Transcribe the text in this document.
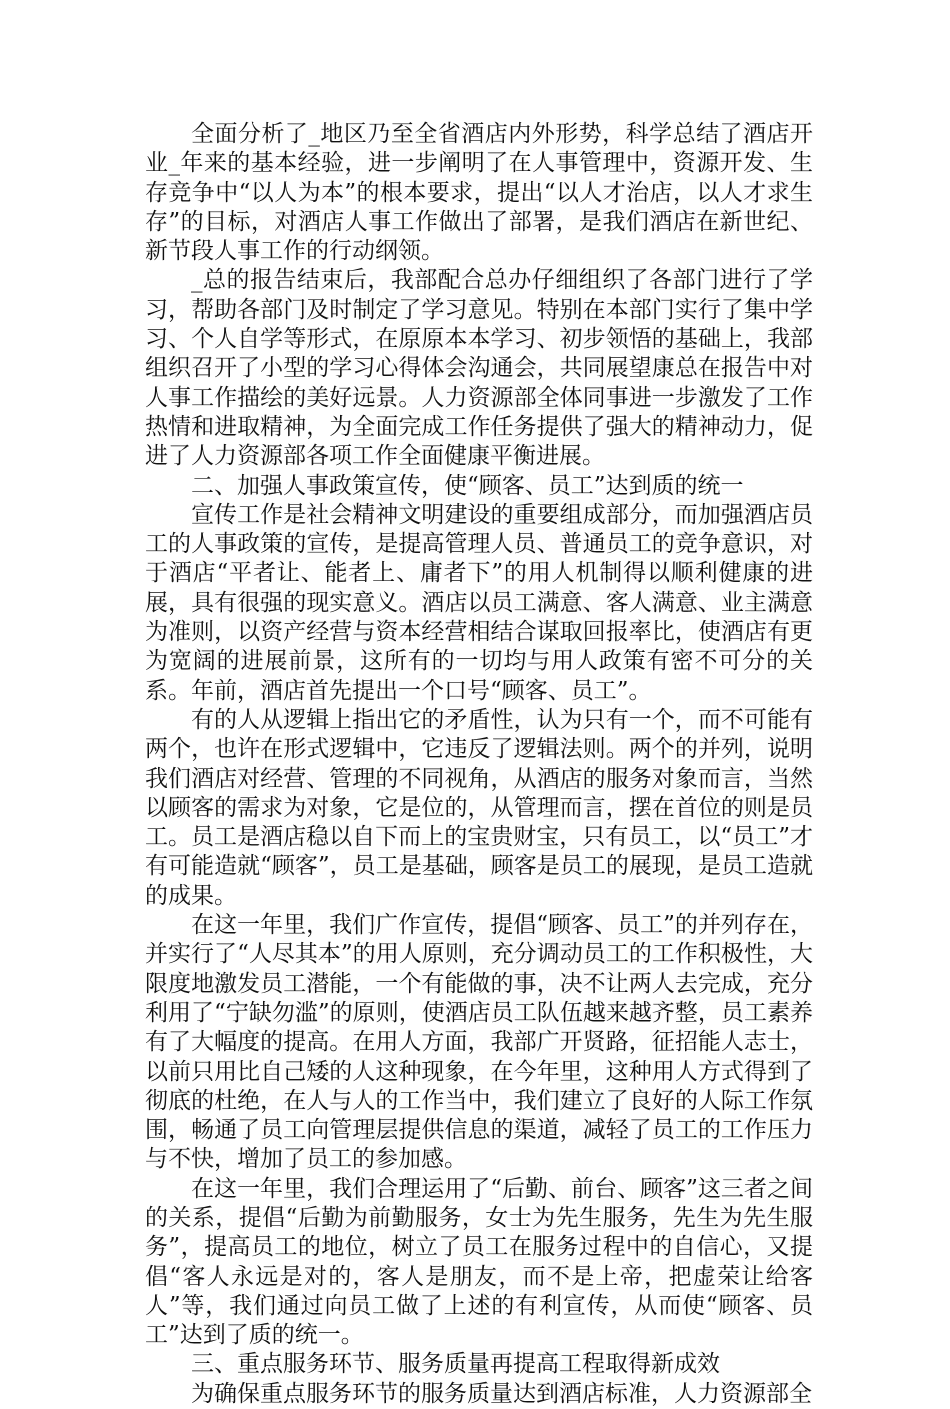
全面分析了_地区乃至全省酒店内外形势，科学总结了酒店开业_年来的基本经验，进一步阐明了在人事管理中，资源开发、生存竞争中“以人为本”的根本要求，提出“以人才治店，以人才求生存”的目标，对酒店人事工作做出了部署，是我们酒店在新世纪、新节段人事工作的行动纲领。

_总的报告结束后，我部配合总办仔细组织了各部门进行了学习，帮助各部门及时制定了学习意见。特别在本部门实行了集中学习、个人自学等形式，在原原本本学习、初步领悟的基础上，我部组织召开了小型的学习心得体会沟通会，共同展望康总在报告中对人事工作描绘的美好远景。人力资源部全体同事进一步激发了工作热情和进取精神，为全面完成工作任务提供了强大的精神动力，促进了人力资源部各项工作全面健康平衡进展。

二、加强人事政策宣传，使“顾客、员工”达到质的统一

宣传工作是社会精神文明建设的重要组成部分，而加强酒店员工的人事政策的宣传，是提高管理人员、普通员工的竞争意识，对于酒店“平者让、能者上、庸者下”的用人机制得以顺利健康的进展，具有很强的现实意义。酒店以员工满意、客人满意、业主满意为准则，以资产经营与资本经营相结合谋取回报率比，使酒店有更为宽阔的进展前景，这所有的一切均与用人政策有密不可分的关系。年前，酒店首先提出一个口号“顾客、员工”。

有的人从逻辑上指出它的矛盾性，认为只有一个，而不可能有两个，也许在形式逻辑中，它违反了逻辑法则。两个的并列，说明我们酒店对经营、管理的不同视角，从酒店的服务对象而言，当然以顾客的需求为对象，它是位的，从管理而言，摆在首位的则是员工。员工是酒店稳以自下而上的宝贵财宝，只有员工，以“员工”才有可能造就“顾客”，员工是基础，顾客是员工的展现，是员工造就的成果。

在这一年里，我们广作宣传，提倡“顾客、员工”的并列存在，并实行了“人尽其本”的用人原则，充分调动员工的工作积极性，大限度地激发员工潜能，一个有能做的事，决不让两人去完成，充分利用了“宁缺勿滥”的原则，使酒店员工队伍越来越齐整，员工素养有了大幅度的提高。在用人方面，我部广开贤路，征招能人志士，以前只用比自己矮的人这种现象，在今年里，这种用人方式得到了彻底的杜绝，在人与人的工作当中，我们建立了良好的人际工作氛围，畅通了员工向管理层提供信息的渠道，减轻了员工的工作压力与不快，增加了员工的参加感。

在这一年里，我们合理运用了“后勤、前台、顾客”这三者之间的关系，提倡“后勤为前勤服务，女士为先生服务，先生为先生服务”，提高员工的地位，树立了员工在服务过程中的自信心，又提倡“客人永远是对的，客人是朋友，而不是上帝，把虚荣让给客人”等，我们通过向员工做了上述的有利宣传，从而使“顾客、员工”达到了质的统一。

三、重点服务环节、服务质量再提高工程取得新成效

为确保重点服务环节的服务质量达到酒店标准，人力资源部全
